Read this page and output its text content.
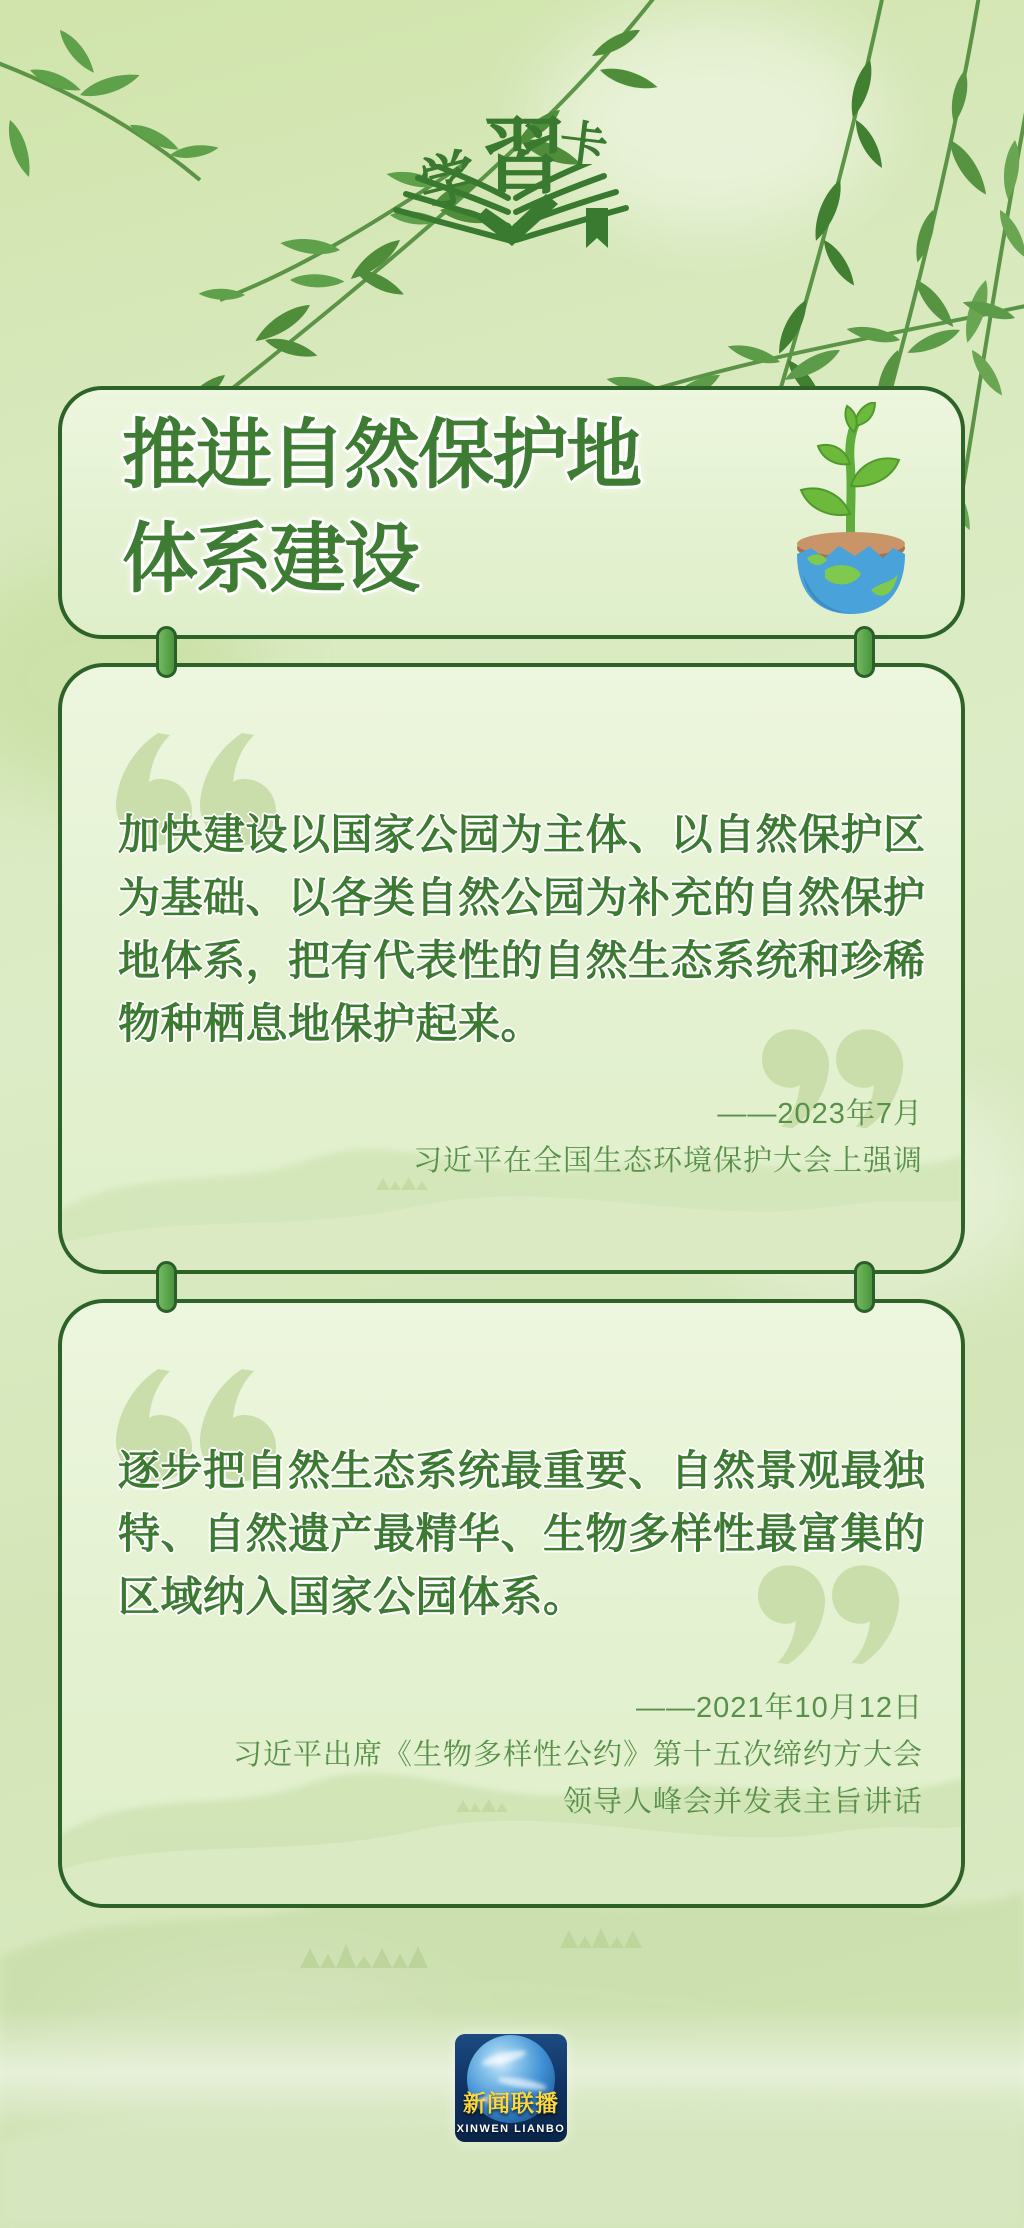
学
習
卡
推进自然保护地
体系建设
加快建设以国家公园为主体、以自然保护区
为基础、以各类自然公园为补充的自然保护
地体系，把有代表性的自然生态系统和珍稀
物种栖息地保护起来。
——2023年7月
习近平在全国生态环境保护大会上强调
逐步把自然生态系统最重要、自然景观最独
特、自然遗产最精华、生物多样性最富集的
区域纳入国家公园体系。
——2021年10月12日
习近平出席《生物多样性公约》第十五次缔约方大会
领导人峰会并发表主旨讲话
新闻联播
XINWEN LIANBO
